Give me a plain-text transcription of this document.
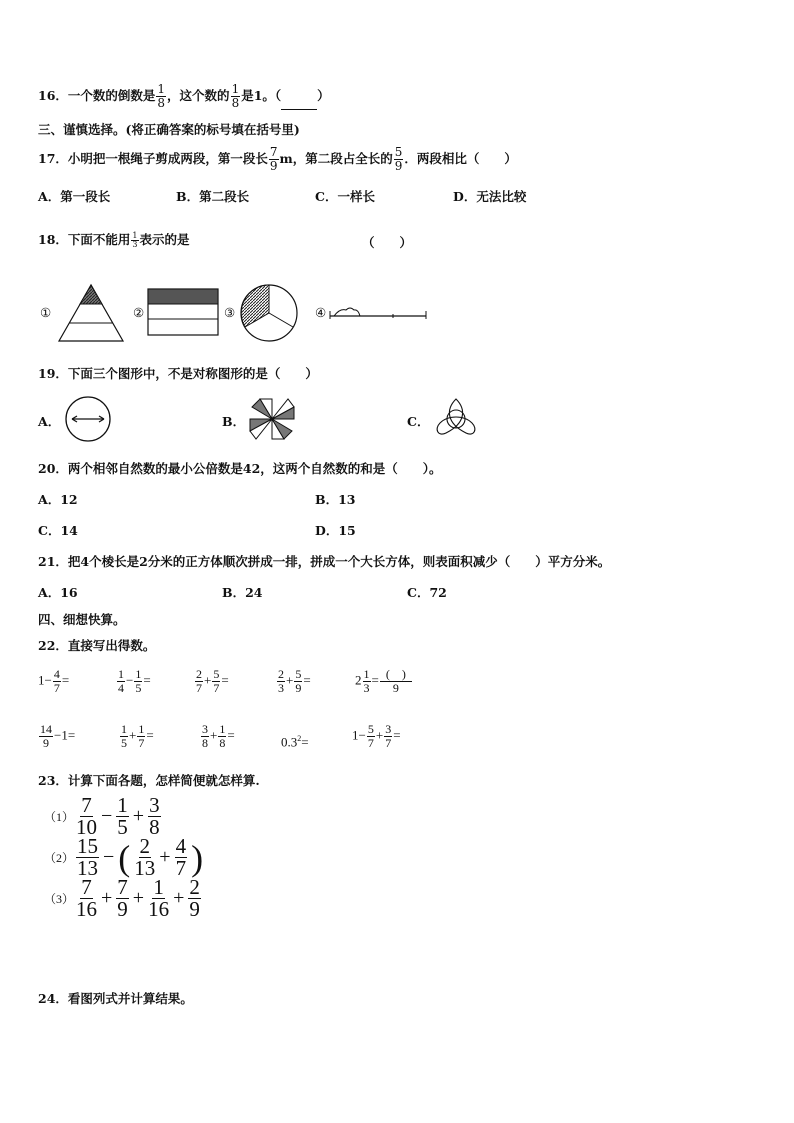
16．一个数的倒数是 $\frac{1}{8}$ ，这个数的 $\frac{1}{8}$ 是1。（	）
三、谨慎选择。(将正确答案的标号填在括号里)
17．小明把一根绳子剪成两段，第一段长 $\frac{7}{9}$ m，第二段占全长的 $\frac{5}{9}$ ．两段相比（　　）
A．第一段长	B．第二段长	C．一样长	D．无法比较
18．下面不能用 $\frac{1}{3}$ 表示的是	（　　）
①	②	③	④
19．下面三个图形中，不是对称图形的是（　　）
A．	B．	C．
20．两个相邻自然数的最小公倍数是42，这两个自然数的和是（　　）。
A．12	B．13
C．14	D．15
21．把4个棱长是2分米的正方体顺次拼成一排，拼成一个大长方体，则表面积减少（　　）平方分米。
A．16	B．24	C．72
四、细想快算。
22．直接写出得数。
$1- \frac{4}{7}$ =	$\frac{1}{4} - \frac{1}{5}$ =	$\frac{2}{7} + \frac{5}{7}$ =	$\frac{2}{3} + \frac{5}{9}$ =	$2 \frac{1}{3} = \frac{( )}{9}$
$\frac{14}{9} -1=$	$\frac{1}{5} + \frac{1}{7}$ =	$\frac{3}{8} + \frac{1}{8}$ =	$0.3^2=$	$1- \frac{5}{7} + \frac{3}{7}$ =
23．计算下面各题，怎样简便就怎样算.
$(1) \frac{7}{10} - \frac{1}{5} + \frac{3}{8}$
$(2) \frac{15}{13}$ − ( $\frac{2}{13} + \frac{4}{7}$ )
$(3) \frac{7}{16} + \frac{7}{9} + \frac{1}{16} + \frac{2}{9}$
24．看图列式并计算结果。
